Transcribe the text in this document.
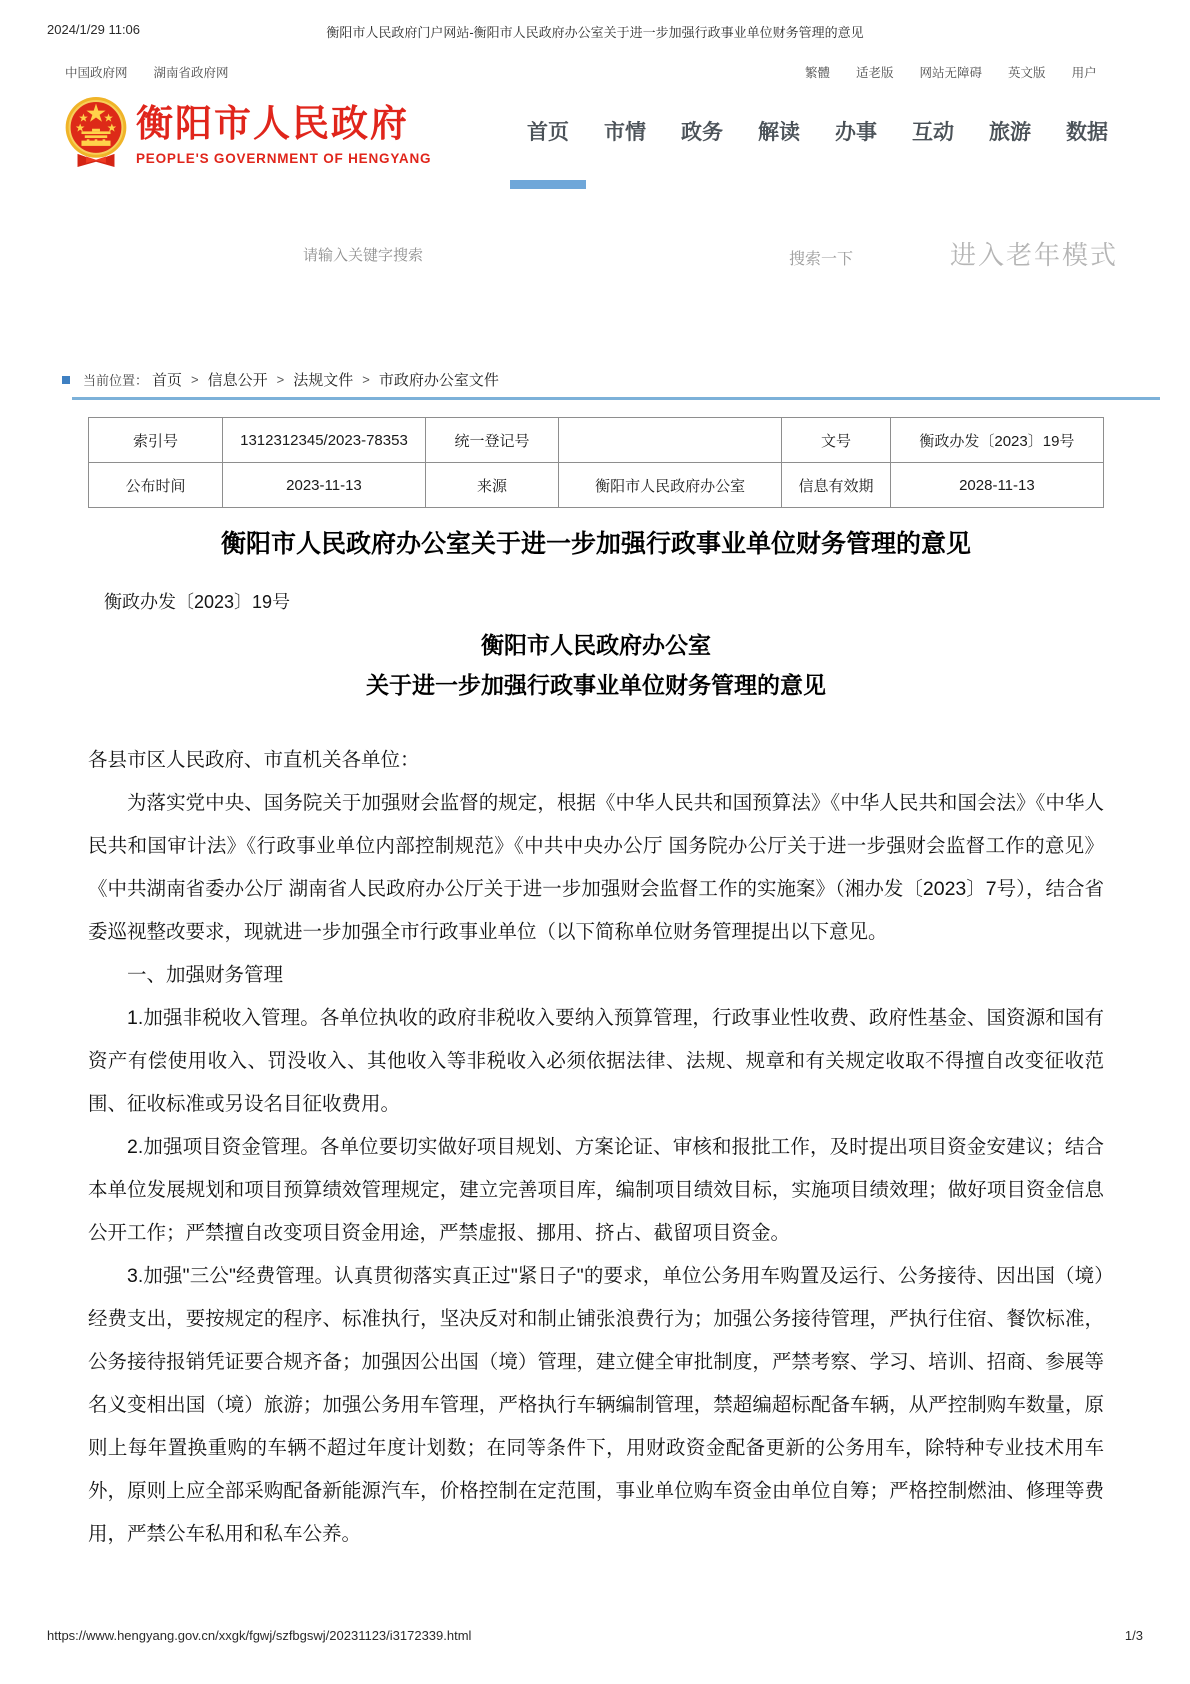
2024/1/29 11:06	衡阳市人民政府门户网站-衡阳市人民政府办公室关于进一步加强行政事业单位财务管理的意见
中国政府网 湖南省政府网	繁體 适老版 网站无障碍 英文版 用户
衡阳市人民政府
PEOPLE'S GOVERNMENT OF HENGYANG
首页 市情 政务 解读 办事 互动 旅游 数据
请输入关键字搜索
搜索一下	进入老年模式
当前位置： 首页 > 信息公开 > 法规文件 > 市政府办公室文件
索引号	1312312345/2023-78353	统一登记号		文号	衡政办发〔2023〕19号
公布时间	2023-11-13	来源	衡阳市人民政府办公室	信息有效期	2028-11-13
衡阳市人民政府办公室关于进一步加强行政事业单位财务管理的意见
衡政办发〔2023〕19号
衡阳市人民政府办公室
关于进一步加强行政事业单位财务管理的意见

各县市区人民政府、市直机关各单位：

为落实党中央、国务院关于加强财会监督的规定，根据《中华人民共和国预算法》《中华人民共和国会法》《中华人民共和国审计法》《行政事业单位内部控制规范》《中共中央办公厅 国务院办公厅关于进一步强财会监督工作的意见》《中共湖南省委办公厅 湖南省人民政府办公厅关于进一步加强财会监督工作的实施案》（湘办发〔2023〕7号），结合省委巡视整改要求，现就进一步加强全市行政事业单位（以下简称单位财务管理提出以下意见。

一、加强财务管理

1.加强非税收入管理。各单位执收的政府非税收入要纳入预算管理，行政事业性收费、政府性基金、国资源和国有资产有偿使用收入、罚没收入、其他收入等非税收入必须依据法律、法规、规章和有关规定收取不得擅自改变征收范围、征收标准或另设名目征收费用。

2.加强项目资金管理。各单位要切实做好项目规划、方案论证、审核和报批工作，及时提出项目资金安建议；结合本单位发展规划和项目预算绩效管理规定，建立完善项目库，编制项目绩效目标，实施项目绩效理；做好项目资金信息公开工作；严禁擅自改变项目资金用途，严禁虚报、挪用、挤占、截留项目资金。

3.加强"三公"经费管理。认真贯彻落实真正过"紧日子"的要求，单位公务用车购置及运行、公务接待、因出国（境）经费支出，要按规定的程序、标准执行，坚决反对和制止铺张浪费行为；加强公务接待管理，严执行住宿、餐饮标准，公务接待报销凭证要合规齐备；加强因公出国（境）管理，建立健全审批制度，严禁考察、学习、培训、招商、参展等名义变相出国（境）旅游；加强公务用车管理，严格执行车辆编制管理，禁超编超标配备车辆，从严控制购车数量，原则上每年置换重购的车辆不超过年度计划数；在同等条件下，用财政资金配备更新的公务用车，除特种专业技术用车外，原则上应全部采购配备新能源汽车，价格控制在定范围，事业单位购车资金由单位自筹；严格控制燃油、修理等费用，严禁公车私用和私车公养。

https://www.hengyang.gov.cn/xxgk/fgwj/szfbgswj/20231123/i3172339.html	1/3
